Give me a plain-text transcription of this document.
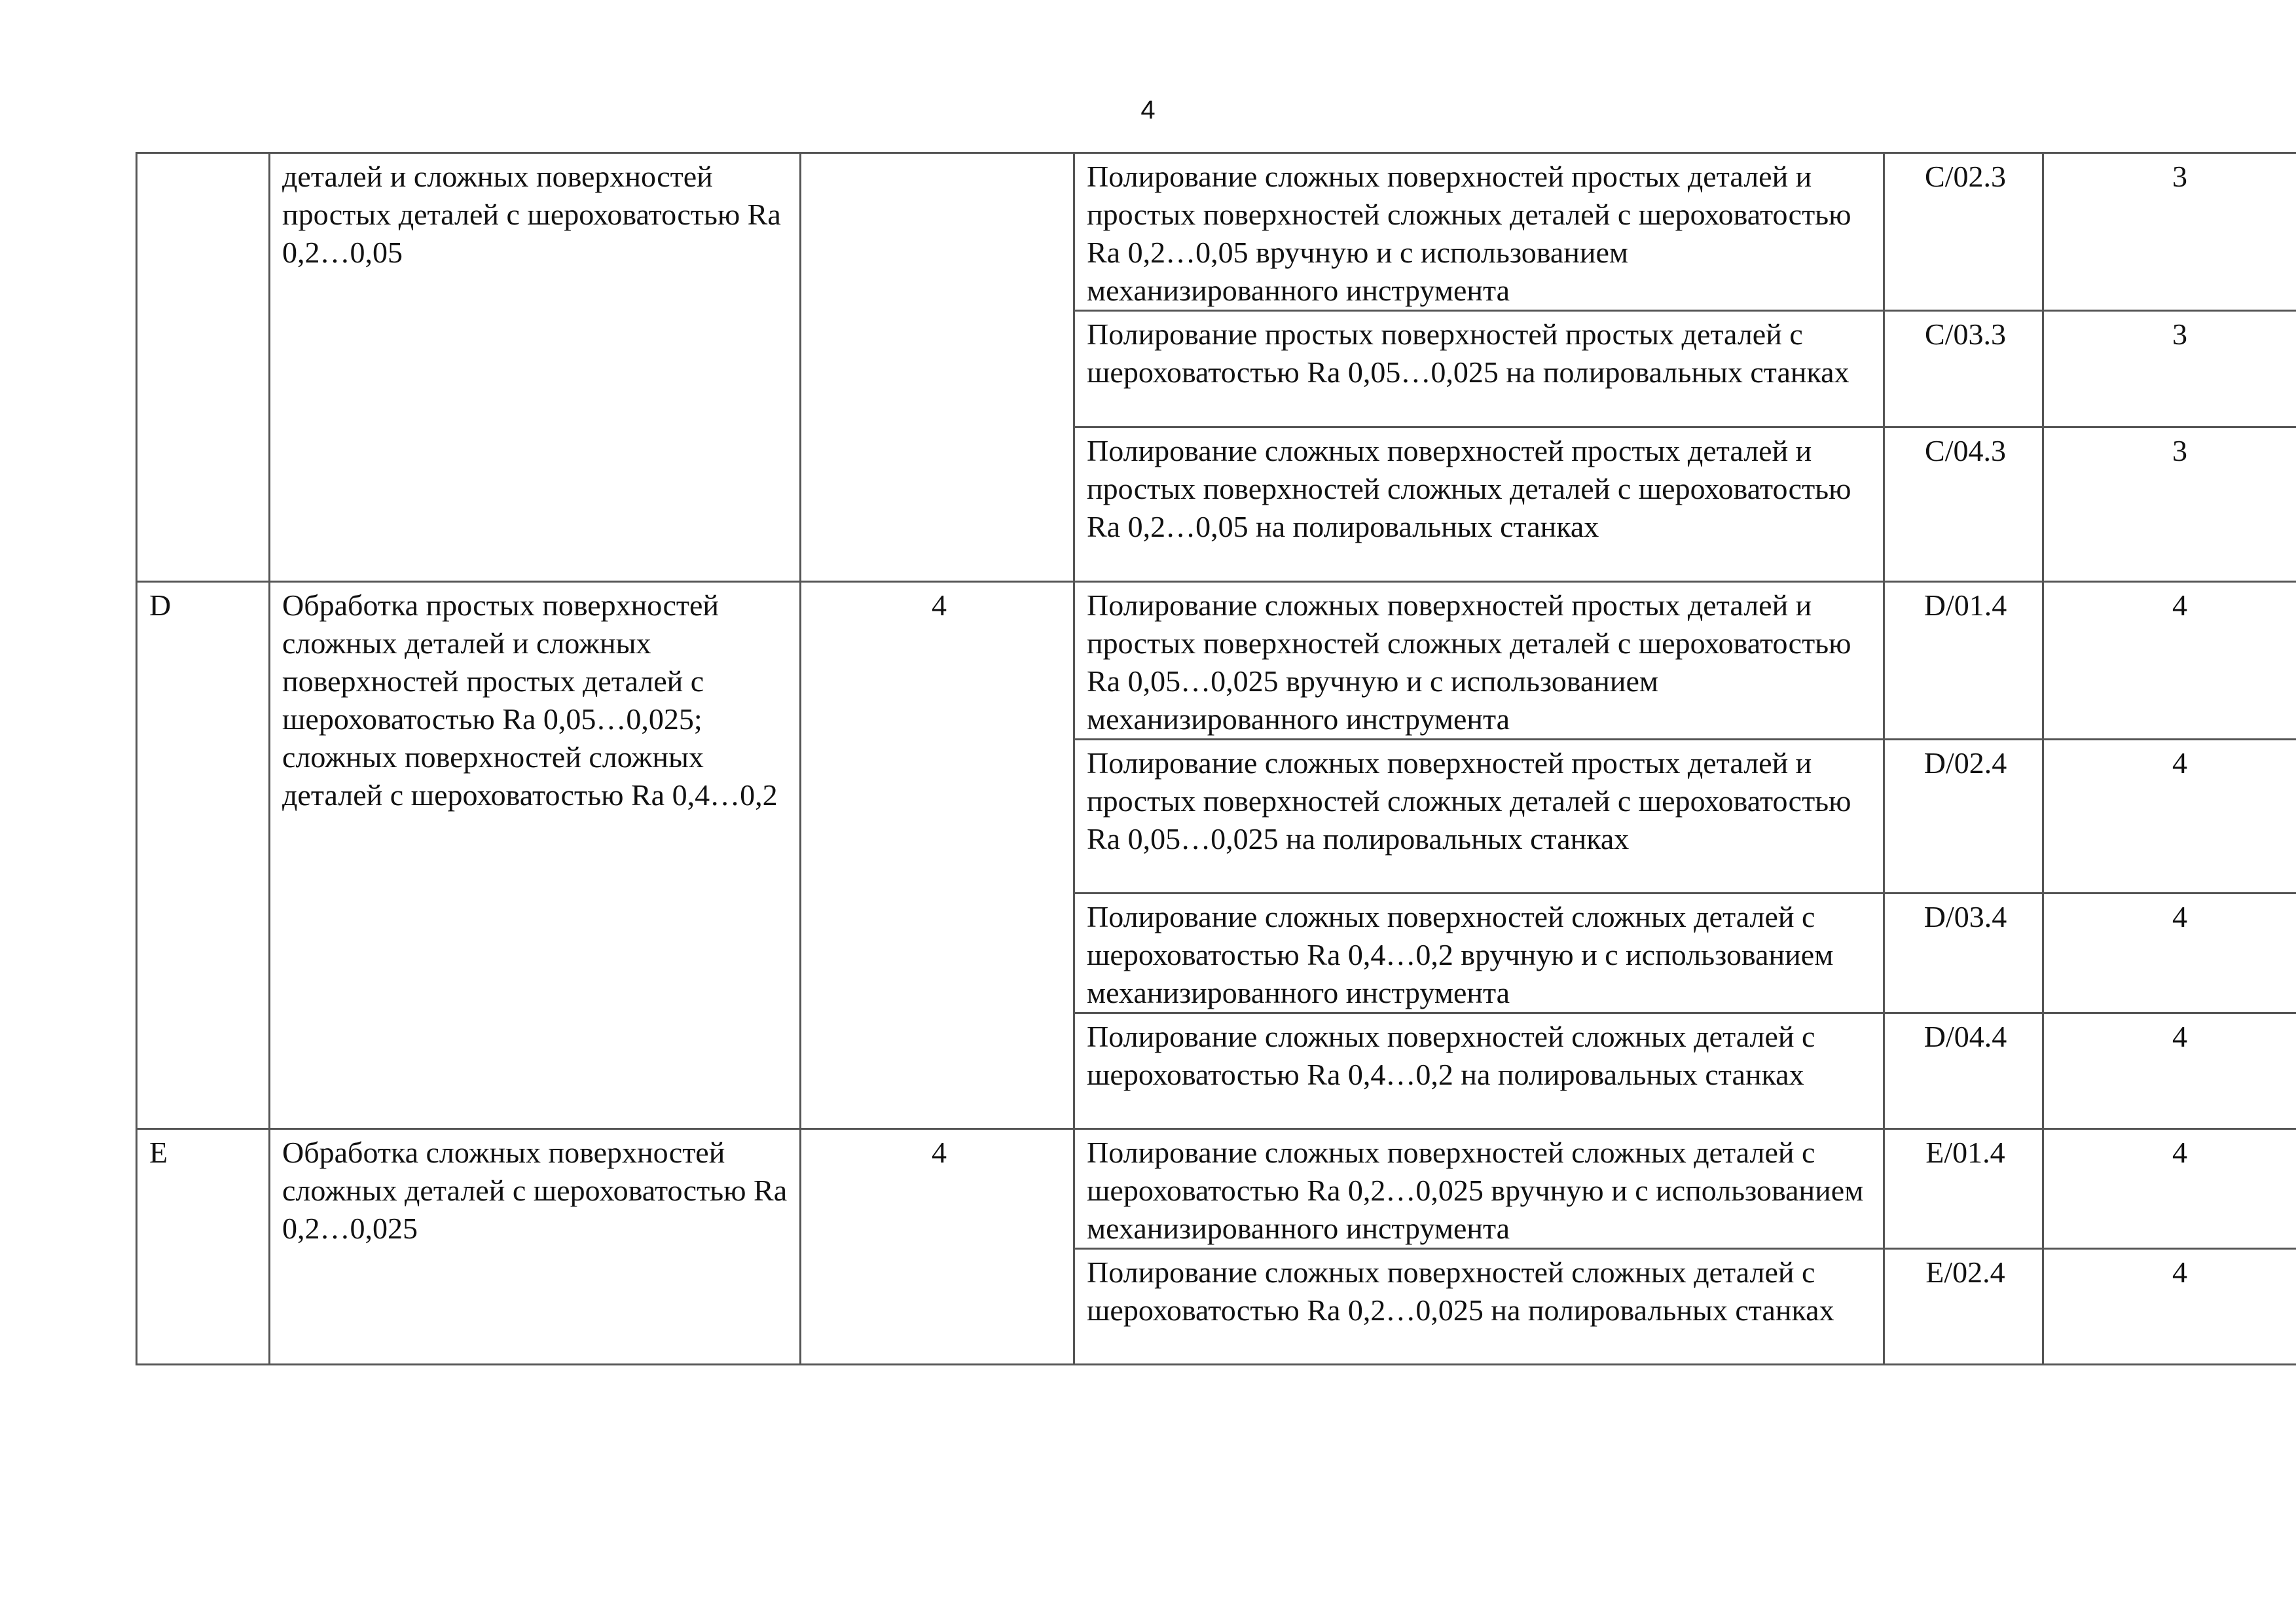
4
	деталей и сложных поверхностей простых деталей с шероховатостью Ra 0,2…0,05		Полирование сложных поверхностей простых деталей и простых поверхностей сложных деталей с шероховатостью Ra 0,2…0,05 вручную и с использованием механизированного инструмента	C/02.3	3
			Полирование простых поверхностей простых деталей с шероховатостью Ra 0,05…0,025 на полировальных станках	C/03.3	3
			Полирование сложных поверхностей простых деталей и простых поверхностей сложных деталей с шероховатостью Ra 0,2…0,05 на полировальных станках	C/04.3	3
D	Обработка простых поверхностей сложных деталей и сложных поверхностей простых деталей с шероховатостью Ra 0,05…0,025; сложных поверхностей сложных деталей с шероховатостью Ra 0,4…0,2	4	Полирование сложных поверхностей простых деталей и простых поверхностей сложных деталей с шероховатостью Ra 0,05…0,025 вручную и с использованием механизированного инструмента	D/01.4	4
			Полирование сложных поверхностей простых деталей и простых поверхностей сложных деталей с шероховатостью Ra 0,05…0,025 на полировальных станках	D/02.4	4
			Полирование сложных поверхностей сложных деталей с шероховатостью Ra 0,4…0,2 вручную и с использованием механизированного инструмента	D/03.4	4
			Полирование сложных поверхностей сложных деталей с шероховатостью Ra 0,4…0,2 на полировальных станках	D/04.4	4
E	Обработка сложных поверхностей сложных деталей с шероховатостью Ra 0,2…0,025	4	Полирование сложных поверхностей сложных деталей с шероховатостью Ra 0,2…0,025 вручную и с использованием механизированного инструмента	E/01.4	4
			Полирование сложных поверхностей сложных деталей с шероховатостью Ra 0,2…0,025 на полировальных станках	E/02.4	4
